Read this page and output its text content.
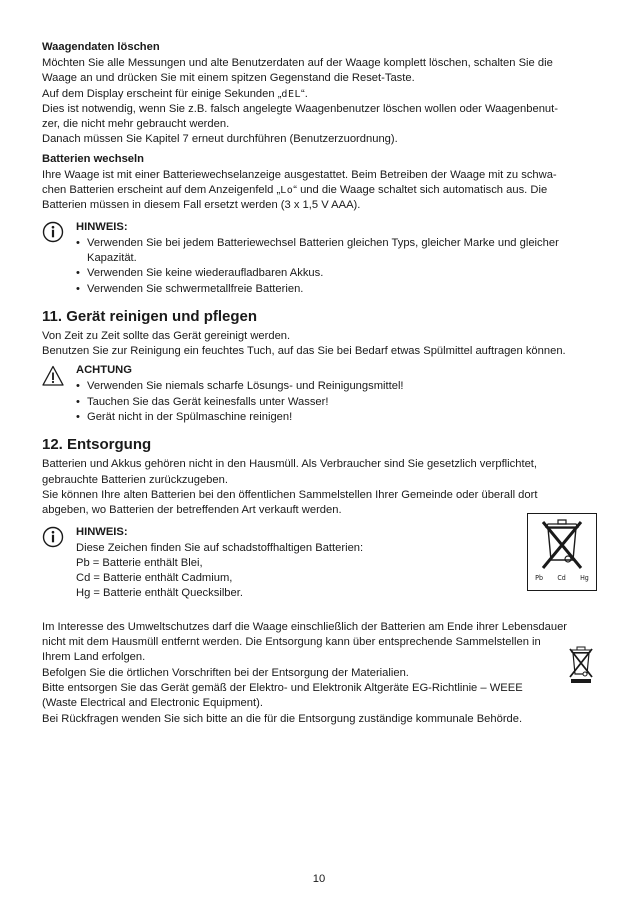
Waagendaten löschen

Möchten Sie alle Messungen und alte Benutzerdaten auf der Waage komplett löschen, schalten Sie die

Waage an und drücken Sie mit einem spitzen Gegenstand die Reset-Taste.

Auf dem Display erscheint für einige Sekunden „dEL“.

Dies ist notwendig, wenn Sie z.B. falsch angelegte Waagenbenutzer löschen wollen oder Waagenbenut-

zer, die nicht mehr gebraucht werden.

Danach müssen Sie Kapitel 7 erneut durchführen (Benutzerzuordnung).

Batterien wechseln

Ihre Waage ist mit einer Batteriewechselanzeige ausgestattet. Beim Betreiben der Waage mit zu schwa-

chen Batterien erscheint auf dem Anzeigenfeld „Lo“ und die Waage schaltet sich automatisch aus. Die

Batterien müssen in diesem Fall ersetzt werden (3 x 1,5 V AAA).

HINWEIS:

• Verwenden Sie bei jedem Batteriewechsel Batterien gleichen Typs, gleicher Marke und gleicher
Kapazität.
• Verwenden Sie keine wiederaufladbaren Akkus.
• Verwenden Sie schwermetallfreie Batterien.

11. Gerät reinigen und pflegen

Von Zeit zu Zeit sollte das Gerät gereinigt werden.

Benutzen Sie zur Reinigung ein feuchtes Tuch, auf das Sie bei Bedarf etwas Spülmittel auftragen können.

ACHTUNG

• Verwenden Sie niemals scharfe Lösungs- und Reinigungsmittel!
• Tauchen Sie das Gerät keinesfalls unter Wasser!
• Gerät nicht in der Spülmaschine reinigen!

12. Entsorgung

Batterien und Akkus gehören nicht in den Hausmüll. Als Verbraucher sind Sie gesetzlich verpflichtet,

gebrauchte Batterien zurückzugeben.

Sie können Ihre alten Batterien bei den öffentlichen Sammelstellen Ihrer Gemeinde oder überall dort

abgeben, wo Batterien der betreffenden Art verkauft werden.

HINWEIS:

Diese Zeichen finden Sie auf schadstoffhaltigen Batterien:

Pb = Batterie enthält Blei,

Cd = Batterie enthält Cadmium,

Hg = Batterie enthält Quecksilber.

Im Interesse des Umweltschutzes darf die Waage einschließlich der Batterien am Ende ihrer Lebensdauer

nicht mit dem Hausmüll entfernt werden. Die Entsorgung kann über entsprechende Sammelstellen in

Ihrem Land erfolgen.

Befolgen Sie die örtlichen Vorschriften bei der Entsorgung der Materialien.

Bitte entsorgen Sie das Gerät gemäß der Elektro- und Elektronik Altgeräte EG-Richtlinie – WEEE

(Waste Electrical and Electronic Equipment).

Bei Rückfragen wenden Sie sich bitte an die für die Entsorgung zuständige kommunale Behörde.

Pb Cd Hg
10
